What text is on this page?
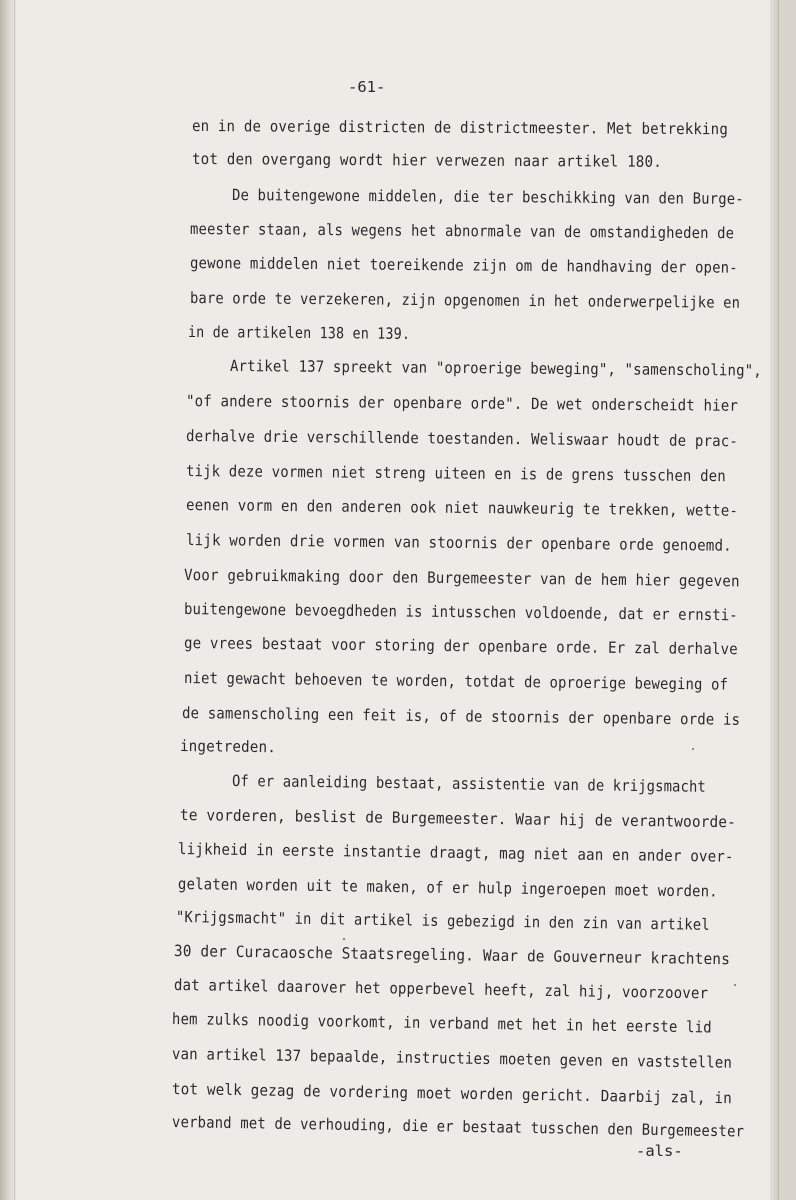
-61-
en in de overige districten de districtmeester. Met betrekking
tot den overgang wordt hier verwezen naar artikel 180.
De buitengewone middelen, die ter beschikking van den Burge-
meester staan, als wegens het abnormale van de omstandigheden de
gewone middelen niet toereikende zijn om de handhaving der open-
bare orde te verzekeren, zijn opgenomen in het onderwerpelijke en
in de artikelen 138 en 139.
Artikel 137 spreekt van "oproerige beweging", "samenscholing",
"of andere stoornis der openbare orde". De wet onderscheidt hier
derhalve drie verschillende toestanden. Weliswaar houdt de prac-
tijk deze vormen niet streng uiteen en is de grens tusschen den
eenen vorm en den anderen ook niet nauwkeurig te trekken, wette-
lijk worden drie vormen van stoornis der openbare orde genoemd.
Voor gebruikmaking door den Burgemeester van de hem hier gegeven
buitengewone bevoegdheden is intusschen voldoende, dat er ernsti-
ge vrees bestaat voor storing der openbare orde. Er zal derhalve
niet gewacht behoeven te worden, totdat de oproerige beweging of
de samenscholing een feit is, of de stoornis der openbare orde is
ingetreden.
Of er aanleiding bestaat, assistentie van de krijgsmacht
te vorderen, beslist de Burgemeester. Waar hij de verantwoorde-
lijkheid in eerste instantie draagt, mag niet aan en ander over-
gelaten worden uit te maken, of er hulp ingeroepen moet worden.
"Krijgsmacht" in dit artikel is gebezigd in den zin van artikel
30 der Curacaosche Staatsregeling. Waar de Gouverneur krachtens
dat artikel daarover het opperbevel heeft, zal hij, voorzoover
hem zulks noodig voorkomt, in verband met het in het eerste lid
van artikel 137 bepaalde, instructies moeten geven en vaststellen
tot welk gezag de vordering moet worden gericht. Daarbij zal, in
verband met de verhouding, die er bestaat tusschen den Burgemeester
-als-
